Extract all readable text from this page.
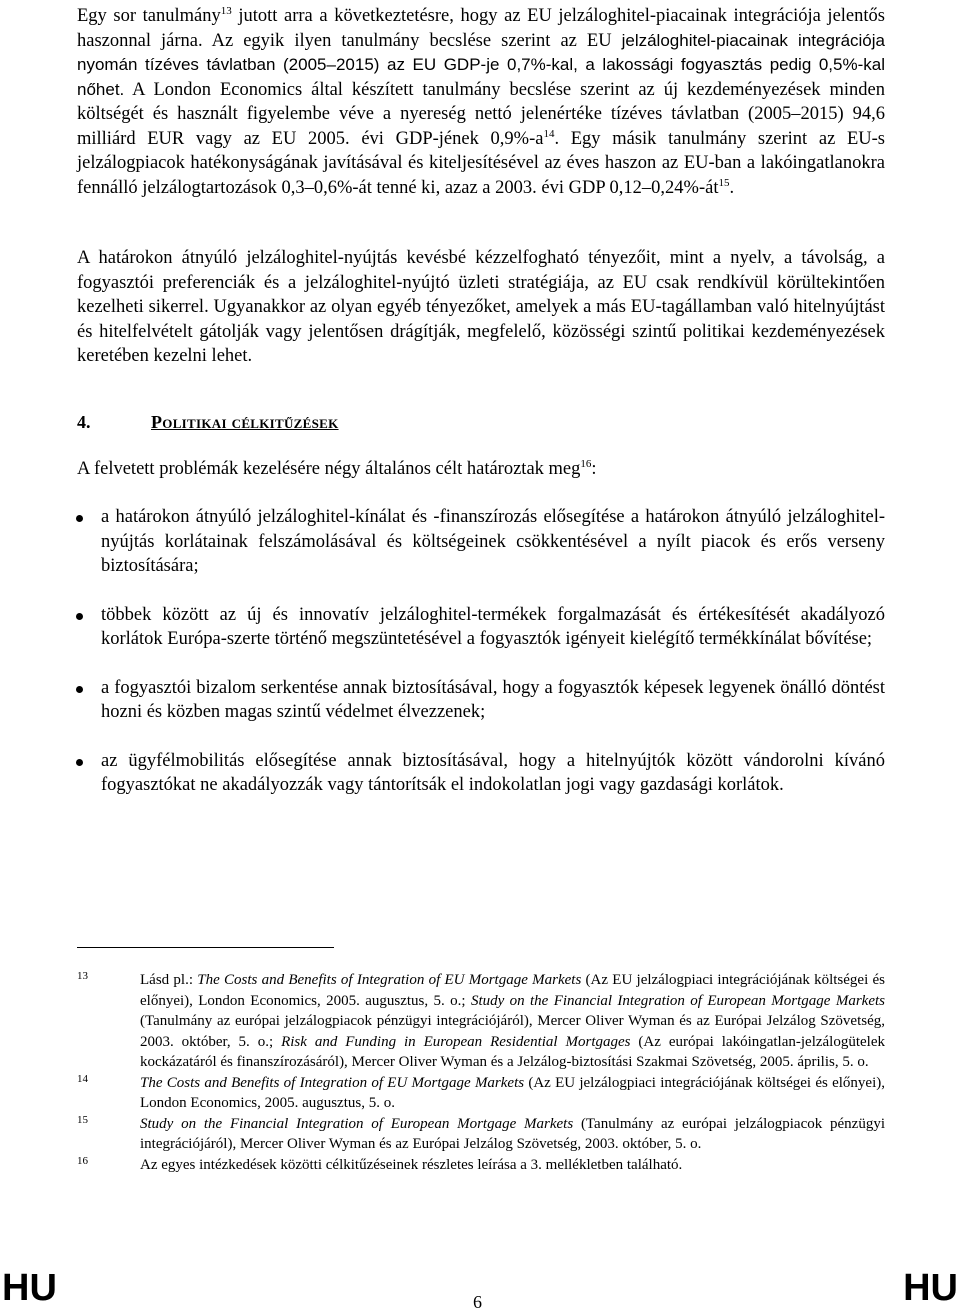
Egy sor tanulmány$^{13}$ jutott arra a következtetésre, hogy az EU jelzáloghitel-piacainak integrációja jelentős haszonnal járna. Az egyik ilyen tanulmány becslése szerint az EU jelzáloghitel-piacainak integrációja nyomán tízéves távlatban (2005–2015) az EU GDP-je 0,7%-kal, a lakossági fogyasztás pedig 0,5%-kal nőhet. A London Economics által készített tanulmány becslése szerint az új kezdeményezések minden költségét és használt figyelembe véve a nyereség nettó jelenértéke tízéves távlatban (2005–2015) 94,6 milliárd EUR vagy az EU 2005. évi GDP-jének $0,9\%-a^{14}$. Egy másik tanulmány szerint az EU-s jelzálogpiacok hatékonyságának javításával és kiteljesítésével az éves haszon az EU-ban a lakóingatlanokra fennálló jelzálogtartozások 0,3–0,6%-át tenné ki, azaz a 2003. évi GDP $0,12-0,24\%-át^{15}$.

A határokon átnyúló jelzáloghitel-nyújtás kevésbé kézzelfogható tényezőit, mint a nyelv, a távolság, a fogyasztói preferenciák és a jelzáloghitel-nyújtó üzleti stratégiája, az EU csak rendkívül körültekintően kezelheti sikerrel. Ugyanakkor az olyan egyéb tényezőket, amelyek a más EU-tagállamban való hitelnyújtást és hitelfelvételt gátolják vagy jelentősen drágítják, megfelelő, közösségi szintű politikai kezdeményezések keretében kezelni lehet.

4.	Politikai célkitűzések

A felvetett problémák kezelésére négy általános célt határoztak meg$^{16}$:

a határokon átnyúló jelzáloghitel-kínálat és -finanszírozás elősegítése a határokon átnyúló jelzáloghitel-nyújtás korlátainak felszámolásával és költségeinek csökkentésével a nyílt piacok és erős verseny biztosítására;
többek között az új és innovatív jelzáloghitel-termékek forgalmazását és értékesítését akadályozó korlátok Európa-szerte történő megszüntetésével a fogyasztók igényeit kielégítő termékkínálat bővítése;
a fogyasztói bizalom serkentése annak biztosításával, hogy a fogyasztók képesek legyenek önálló döntést hozni és közben magas szintű védelmet élvezzenek;
az ügyfélmobilitás elősegítése annak biztosításával, hogy a hitelnyújtók között vándorolni kívánó fogyasztókat ne akadályozzák vagy tántorítsák el indokolatlan jogi vagy gazdasági korlátok.
13	Lásd pl.: The Costs and Benefits of Integration of EU Mortgage Markets (Az EU jelzálogpiaci integrációjának költségei és előnyei), London Economics, 2005. augusztus, 5. o.; Study on the Financial Integration of European Mortgage Markets (Tanulmány az európai jelzálogpiacok pénzügyi integrációjáról), Mercer Oliver Wyman és az Európai Jelzálog Szövetség, 2003. október, 5. o.; Risk and Funding in European Residential Mortgages (Az európai lakóingatlan-jelzálogütelek kockázatáról és finanszírozásáról), Mercer Oliver Wyman és a Jelzálog-biztosítási Szakmai Szövetség, 2005. április, 5. o.
14	The Costs and Benefits of Integration of EU Mortgage Markets (Az EU jelzálogpiaci integrációjának költségei és előnyei), London Economics, 2005. augusztus, 5. o.
15	Study on the Financial Integration of European Mortgage Markets (Tanulmány az európai jelzálogpiacok pénzügyi integrációjáról), Mercer Oliver Wyman és az Európai Jelzálog Szövetség, 2003. október, 5. o.
16	Az egyes intézkedések közötti célkitűzéseinek részletes leírása a 3. mellékletben található.
HU	6	HU
